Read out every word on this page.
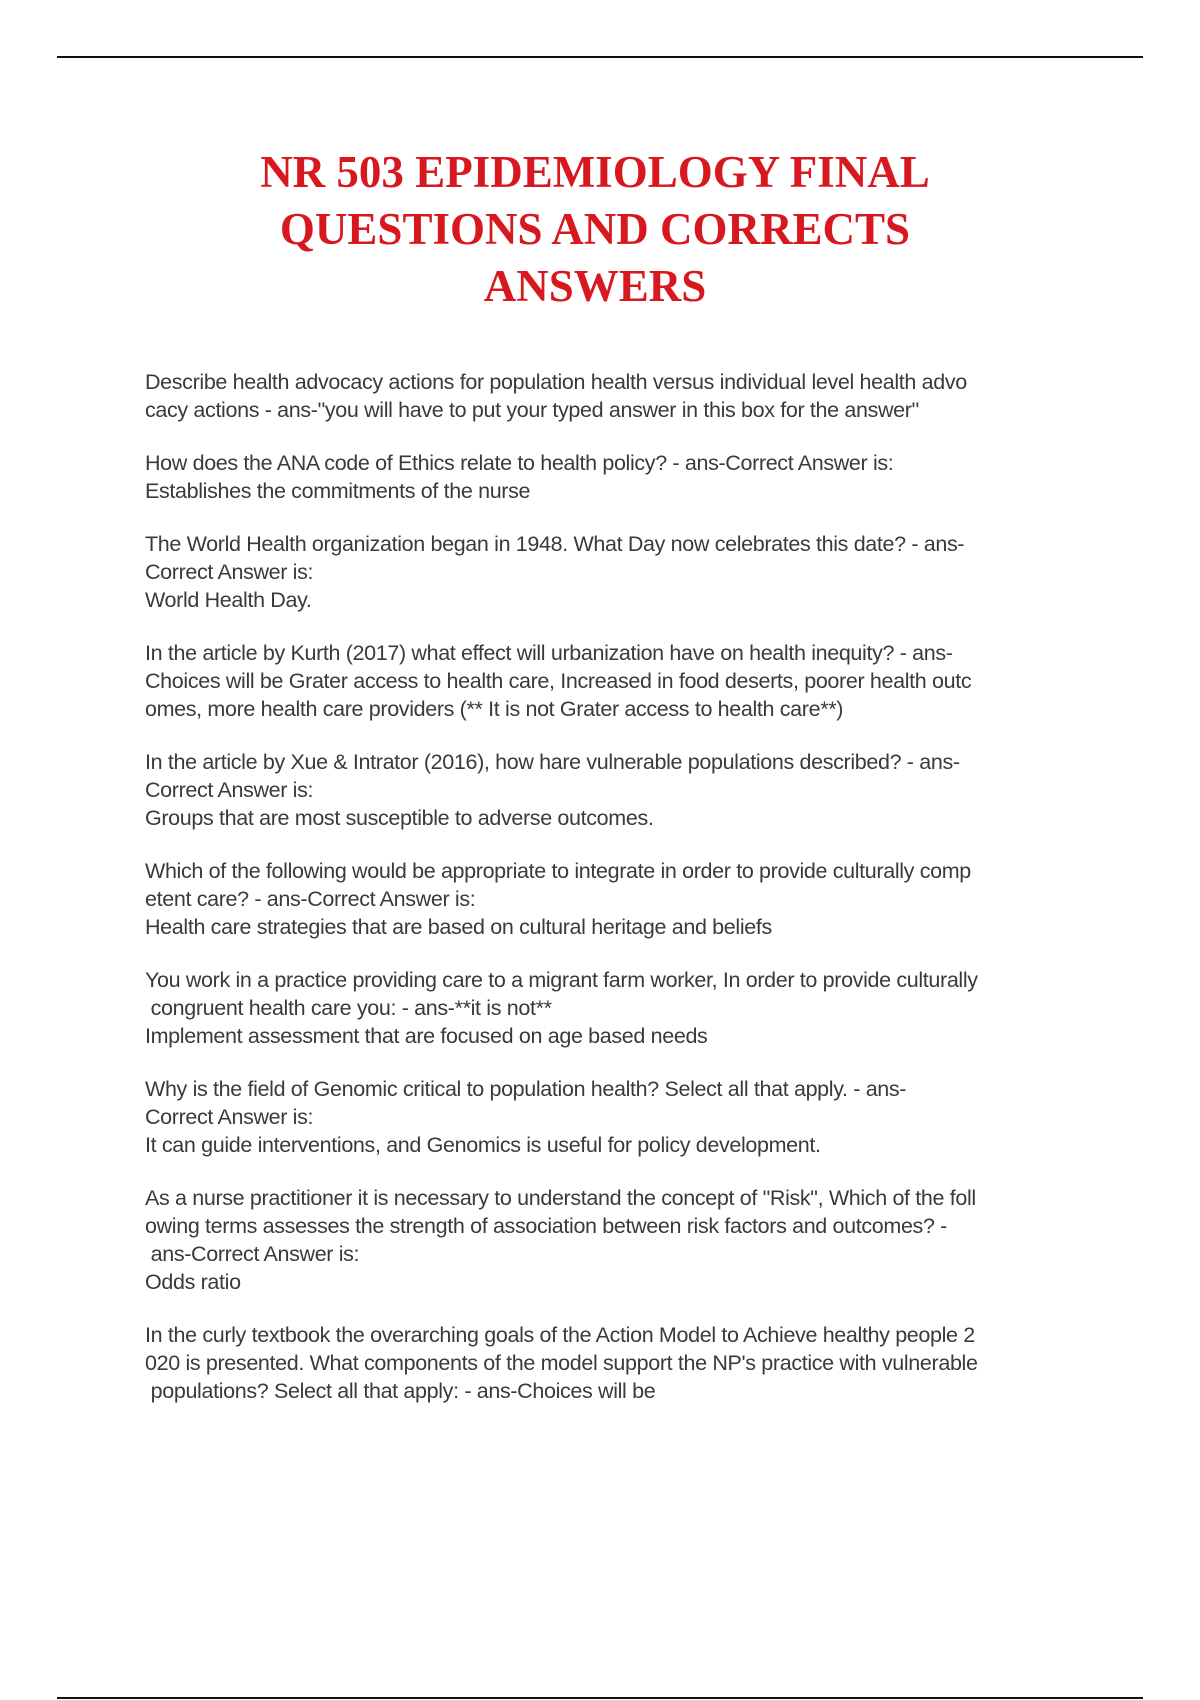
NR 503 EPIDEMIOLOGY FINAL
QUESTIONS AND CORRECTS
ANSWERS

Describe health advocacy actions for population health versus individual level health advo
cacy actions - ans-"you will have to put your typed answer in this box for the answer"

How does the ANA code of Ethics relate to health policy? - ans-Correct Answer is:
Establishes the commitments of the nurse

The World Health organization began in 1948. What Day now celebrates this date? - ans-
Correct Answer is:
World Health Day.

In the article by Kurth (2017) what effect will urbanization have on health inequity? - ans-
Choices will be Grater access to health care, Increased in food deserts, poorer health outc
omes, more health care providers (** It is not Grater access to health care**)

In the article by Xue & Intrator (2016), how hare vulnerable populations described? - ans-
Correct Answer is:
Groups that are most susceptible to adverse outcomes.

Which of the following would be appropriate to integrate in order to provide culturally comp
etent care? - ans-Correct Answer is:
Health care strategies that are based on cultural heritage and beliefs

You work in a practice providing care to a migrant farm worker, In order to provide culturally
congruent health care you: - ans-**it is not**
Implement assessment that are focused on age based needs

Why is the field of Genomic critical to population health? Select all that apply. - ans-
Correct Answer is:
It can guide interventions, and Genomics is useful for policy development.

As a nurse practitioner it is necessary to understand the concept of "Risk", Which of the foll
owing terms assesses the strength of association between risk factors and outcomes? -
ans-Correct Answer is:
Odds ratio

In the curly textbook the overarching goals of the Action Model to Achieve healthy people 2
020 is presented. What components of the model support the NP's practice with vulnerable
populations? Select all that apply: - ans-Choices will be
